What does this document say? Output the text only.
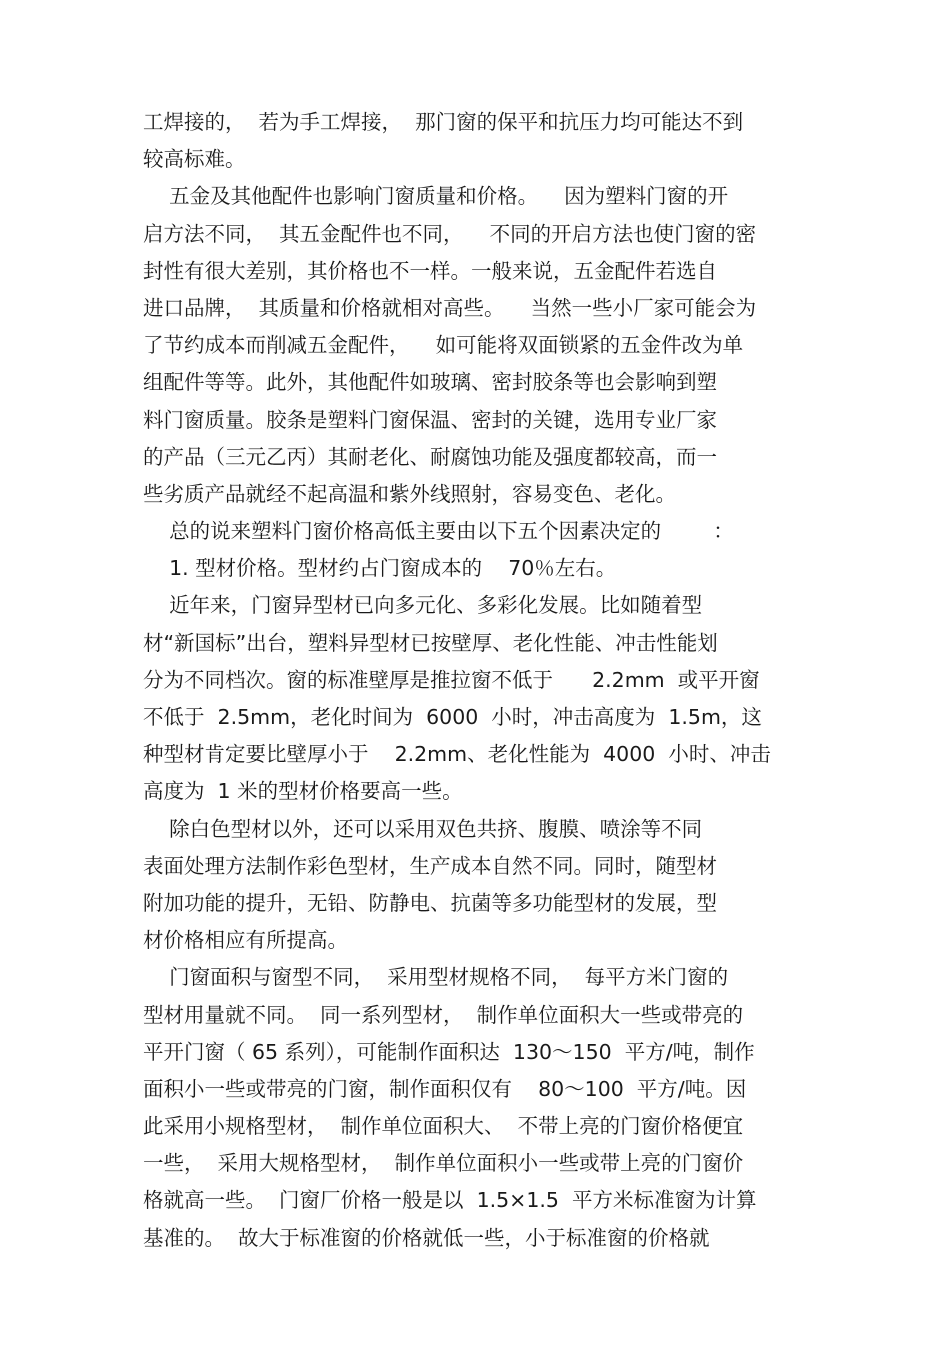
工焊接的，  若为手工焊接，  那门窗的保平和抗压力均可能达不到
较高标难。
五金及其他配件也影响门窗质量和价格。    因为塑料门窗的开
启方法不同，  其五金配件也不同，    不同的开启方法也使门窗的密
封性有很大差别，其价格也不一样。一般来说，五金配件若选自
进口品牌，  其质量和价格就相对高些。    当然一些小厂家可能会为
了节约成本而削减五金配件，    如可能将双面锁紧的五金件改为单
组配件等等。此外，其他配件如玻璃、密封胶条等也会影响到塑
料门窗质量。胶条是塑料门窗保温、密封的关键，选用专业厂家
的产品（三元乙丙）其耐老化、耐腐蚀功能及强度都较高，而一
些劣质产品就经不起高温和紫外线照射，容易变色、老化。
总的说来塑料门窗价格高低主要由以下五个因素决定的        ：
1. 型材价格。型材约占门窗成本的    70％左右。
近年来，门窗异型材已向多元化、多彩化发展。比如随着型
材“新国标”出台，塑料异型材已按壁厚、老化性能、冲击性能划
分为不同档次。窗的标准壁厚是推拉窗不低于      2.2mm  或平开窗
不低于  2.5mm，老化时间为  6000  小时，冲击高度为  1.5m，这
种型材肯定要比壁厚小于    2.2mm、老化性能为  4000  小时、冲击
高度为  1 米的型材价格要高一些。
除白色型材以外，还可以采用双色共挤、腹膜、喷涂等不同
表面处理方法制作彩色型材，生产成本自然不同。同时，随型材
附加功能的提升，无铅、防静电、抗菌等多功能型材的发展，型
材价格相应有所提高。
门窗面积与窗型不同，  采用型材规格不同，  每平方米门窗的
型材用量就不同。  同一系列型材，  制作单位面积大一些或带亮的
平开门窗（ 65 系列），可能制作面积达  130～150  平方/吨，制作
面积小一些或带亮的门窗，制作面积仅有    80～100  平方/吨。因
此采用小规格型材，  制作单位面积大、  不带上亮的门窗价格便宜
一些，  采用大规格型材，  制作单位面积小一些或带上亮的门窗价
格就高一些。  门窗厂价格一般是以  1.5×1.5  平方米标准窗为计算
基准的。  故大于标准窗的价格就低一些，小于标准窗的价格就
